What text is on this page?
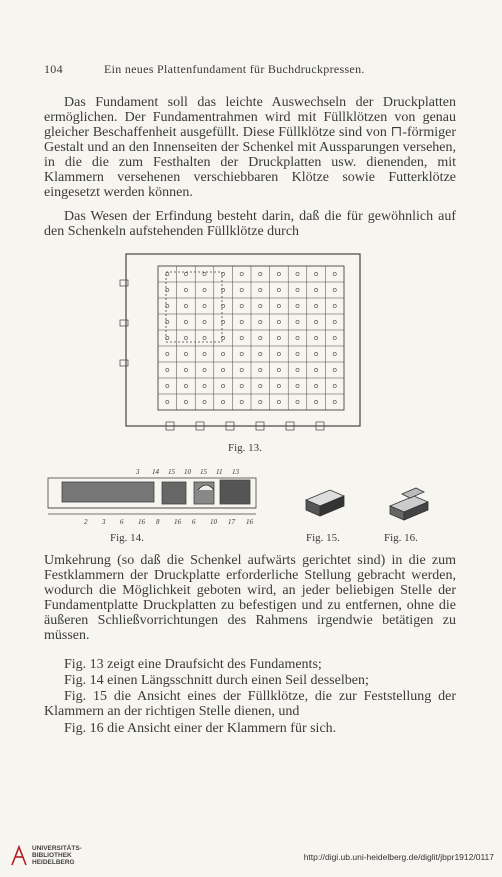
104	Ein neues Plattenfundament für Buchdruckpressen.

Das Fundament soll das leichte Auswechseln der Druckplatten ermöglichen. Der Fundamentrahmen wird mit Füllklötzen von genau gleicher Beschaffenheit ausgefüllt. Diese Füllklötze sind von ⊓-förmiger Gestalt und an den Innenseiten der Schenkel mit Aussparungen versehen, in die die zum Festhalten der Druckplatten usw. dienenden, mit Klammern versehenen verschiebbaren Klötze sowie Futterklötze eingesetzt werden können.

Das Wesen der Erfindung besteht darin, daß die für gewöhnlich auf den Schenkeln aufstehenden Füllklötze durch

Fig. 13.
3 14 15 10 15 11 13
2 3 6 16 8 16 6 10 17 16
Fig. 14.	Fig. 15.	Fig. 16.

Umkehrung (so daß die Schenkel aufwärts gerichtet sind) in die zum Festklammern der Druckplatte erforderliche Stellung gebracht werden, wodurch die Möglichkeit geboten wird, an jeder beliebigen Stelle der Fundamentplatte Druckplatten zu befestigen und zu entfernen, ohne die äußeren Schließvorrichtungen des Rahmens irgendwie betätigen zu müssen.

Fig. 13 zeigt eine Draufsicht des Fundaments;

Fig. 14 einen Längsschnitt durch einen Seil desselben;

Fig. 15 die Ansicht eines der Füllklötze, die zur Feststellung der Klammern an der richtigen Stelle dienen, und

Fig. 16 die Ansicht einer der Klammern für sich.

UNIVERSITÄTS-
BIBLIOTHEK
HEIDELBERG
http://digi.ub.uni-heidelberg.de/diglit/jbpr1912/0117
